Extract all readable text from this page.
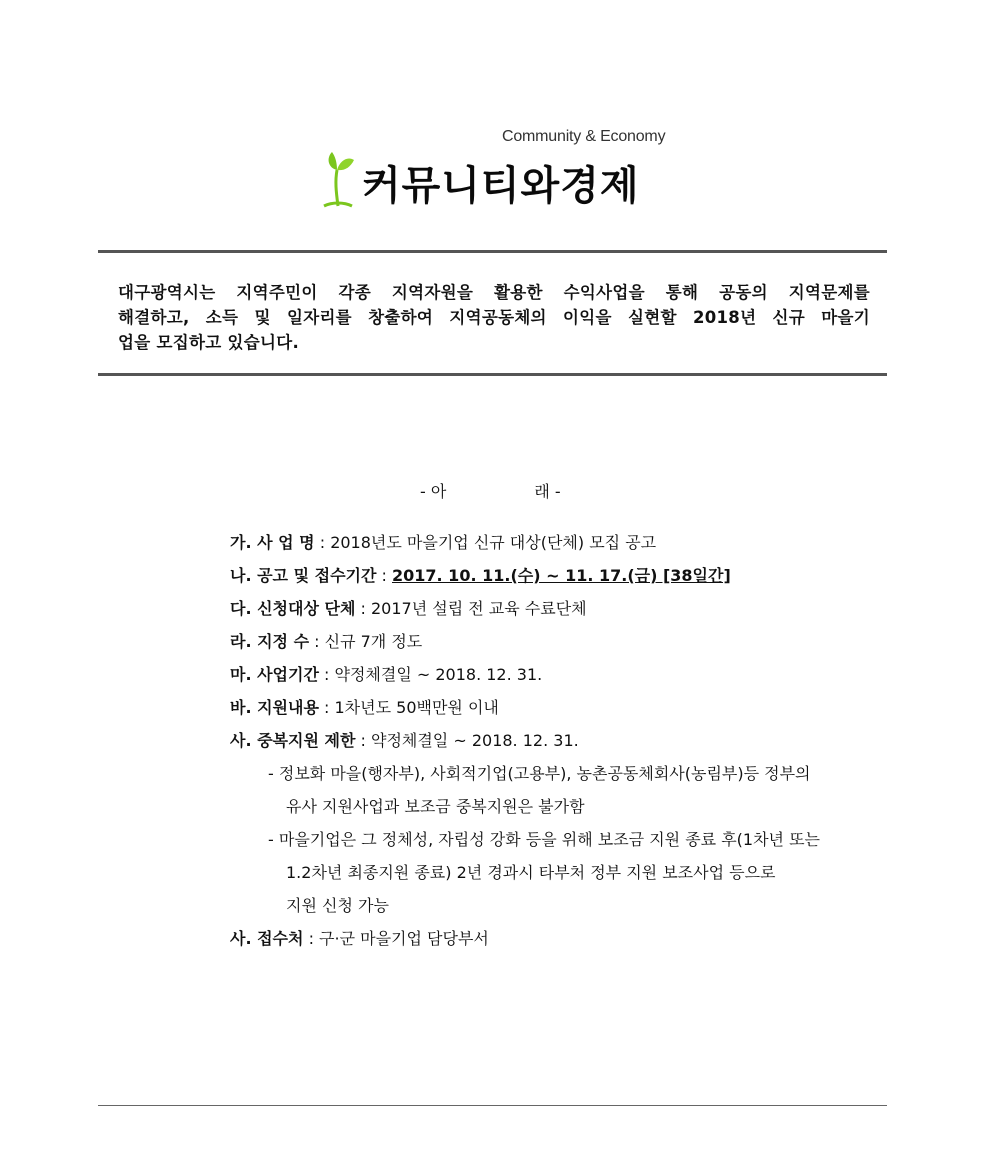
Community & Economy
커뮤니티와경제
대구광역시는 지역주민이 각종 지역자원을 활용한 수익사업을 통해 공동의 지역문제를
해결하고, 소득 및 일자리를 창출하여 지역공동체의 이익을 실현할 2018년 신규 마을기
업을 모집하고 있습니다.
- 아	래 -
가. 사 업 명 : 2018년도 마을기업 신규 대상(단체) 모집 공고
나. 공고 및 접수기간 : 2017. 10. 11.(수) ~ 11. 17.(금) [38일간]
다. 신청대상 단체 : 2017년 설립 전 교육 수료단체
라. 지정 수 : 신규 7개 정도
마. 사업기간 : 약정체결일 ~ 2018. 12. 31.
바. 지원내용 : 1차년도 50백만원 이내
사. 중복지원 제한 : 약정체결일 ~ 2018. 12. 31.
- 정보화 마을(행자부), 사회적기업(고용부), 농촌공동체회사(농림부)등 정부의
유사 지원사업과 보조금 중복지원은 불가함
- 마을기업은 그 정체성, 자립성 강화 등을 위해 보조금 지원 종료 후(1차년 또는
1.2차년 최종지원 종료) 2년 경과시 타부처 정부 지원 보조사업 등으로
지원 신청 가능
사. 접수처 : 구·군 마을기업 담당부서
